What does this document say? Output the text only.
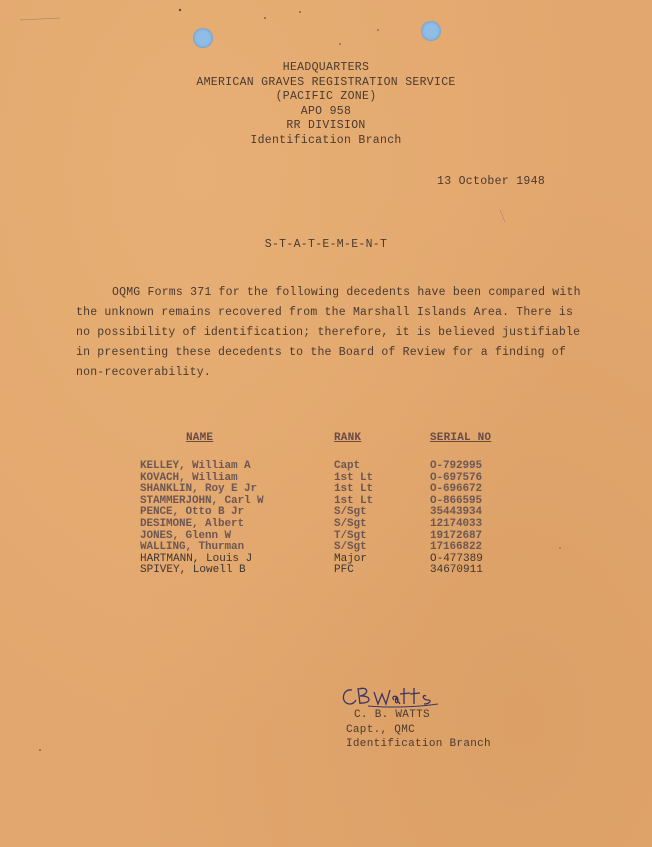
HEADQUARTERS
AMERICAN GRAVES REGISTRATION SERVICE
(PACIFIC ZONE)
APO 958
RR DIVISION
Identification Branch
13 October 1948
S-T-A-T-E-M-E-N-T
OQMG Forms 371 for the following decedents have been compared with
the unknown remains recovered from the Marshall Islands Area. There is
no possibility of identification; therefore, it is believed justifiable
in presenting these decedents to the Board of Review for a finding of
non-recoverability.
NAME	RANK	SERIAL NO
KELLEY, William A	Capt	O-792995
KOVACH, William	1st Lt	O-697576
SHANKLIN, Roy E Jr	1st Lt	O-696672
STAMMERJOHN, Carl W	1st Lt	O-866595
PENCE, Otto B Jr	S/Sgt	35443934
DESIMONE, Albert	S/Sgt	12174033
JONES, Glenn W	T/Sgt	19172687
WALLING, Thurman	S/Sgt	17166822
HARTMANN, Louis J	Major	O-477389
SPIVEY, Lowell B	PFC	34670911
C. B. WATTS
Capt., QMC
Identification Branch
